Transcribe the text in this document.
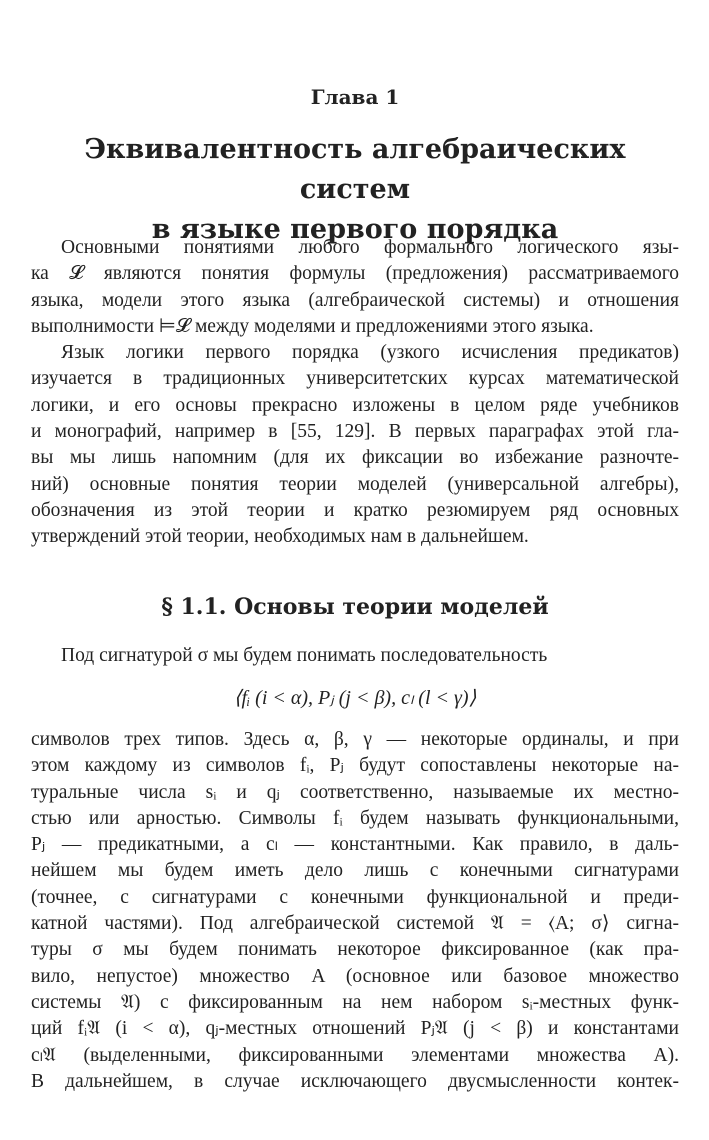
Глава 1
Эквивалентность алгебраических систем
в языке первого порядка
Основными понятиями любого формального логического язы-
ка 𝓛 являются понятия формулы (предложения) рассматриваемого
языка, модели этого языка (алгебраической системы) и отношения
выполнимости ⊨𝓛 между моделями и предложениями этого языка.
Язык логики первого порядка (узкого исчисления предикатов)
изучается в традиционных университетских курсах математической
логики, и его основы прекрасно изложены в целом ряде учебников
и монографий, например в [55, 129]. В первых параграфах этой гла-
вы мы лишь напомним (для их фиксации во избежание разночте-
ний) основные понятия теории моделей (универсальной алгебры),
обозначения из этой теории и кратко резюмируем ряд основных
утверждений этой теории, необходимых нам в дальнейшем.
§ 1.1. Основы теории моделей
Под сигнатурой σ мы будем понимать последовательность
⟨fᵢ (i < α), Pⱼ (j < β), cₗ (l < γ)⟩
символов трех типов. Здесь α, β, γ — некоторые ординалы, и при
этом каждому из символов fᵢ, Pⱼ будут сопоставлены некоторые на-
туральные числа sᵢ и qⱼ соответственно, называемые их местно-
стью или арностью. Символы fᵢ будем называть функциональными,
Pⱼ — предикатными, а cₗ — константными. Как правило, в даль-
нейшем мы будем иметь дело лишь с конечными сигнатурами
(точнее, с сигнатурами с конечными функциональной и преди-
катной частями). Под алгебраической системой 𝔄 = ⟨A; σ⟩ сигна-
туры σ мы будем понимать некоторое фиксированное (как пра-
вило, непустое) множество A (основное или базовое множество
системы 𝔄) с фиксированным на нем набором sᵢ-местных функ-
ций fᵢ𝔄 (i < α), qⱼ-местных отношений Pⱼ𝔄 (j < β) и константами
cₗ𝔄 (выделенными, фиксированными элементами множества A).
В дальнейшем, в случае исключающего двусмысленности контек-
